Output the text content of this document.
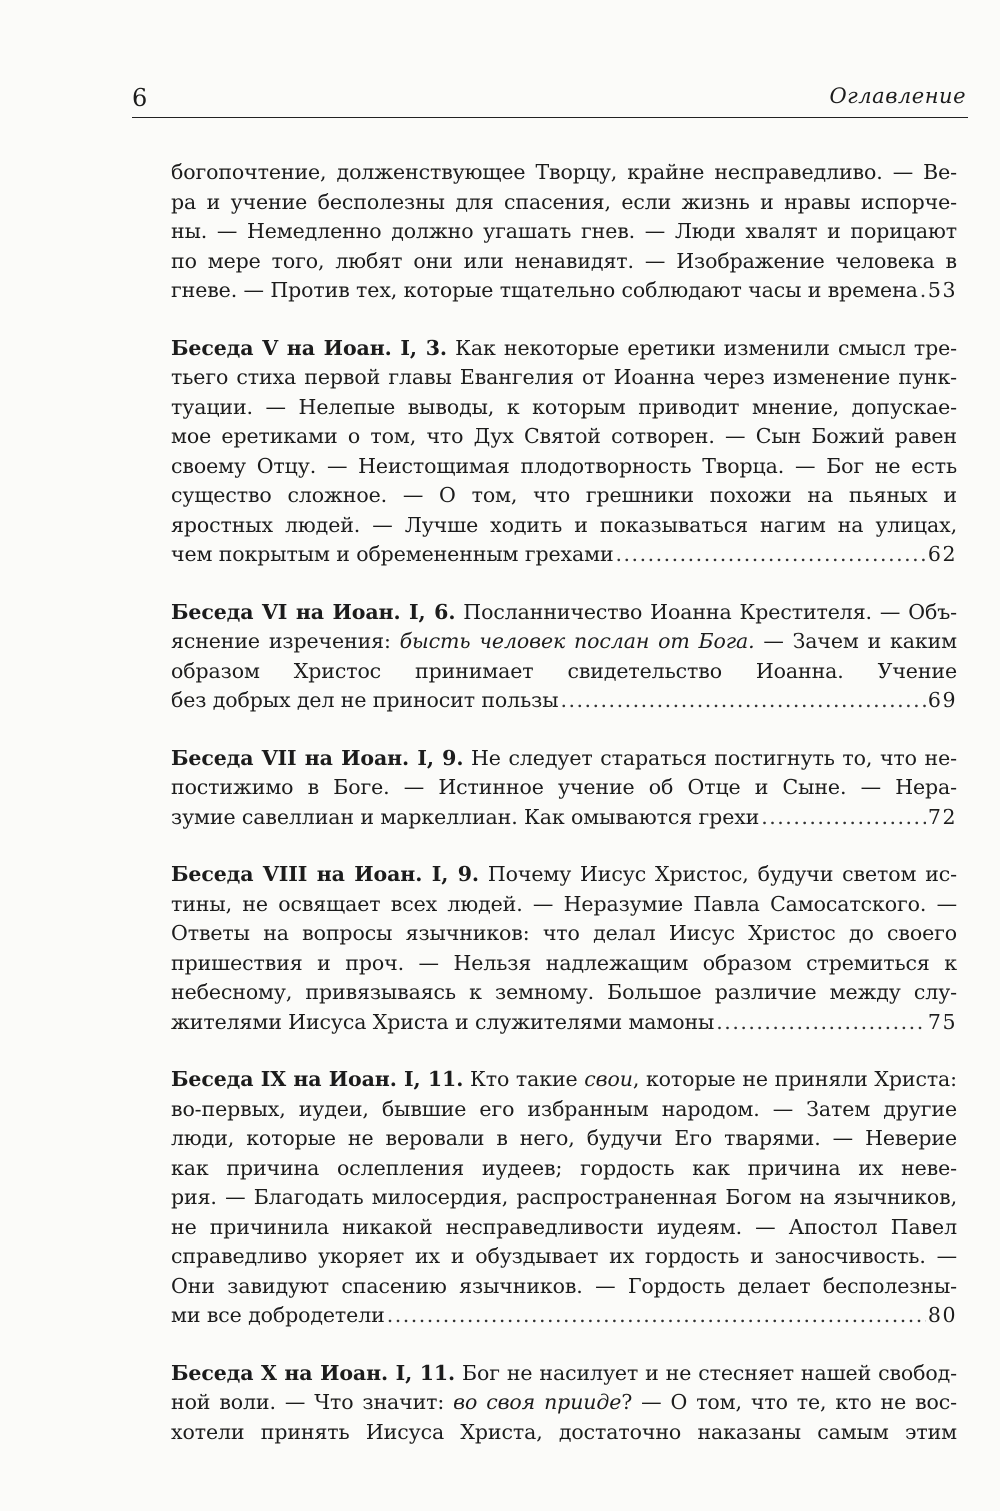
6	Оглавление
богопочтение, долженствующее Творцу, крайне несправедливо. — Ве-
ра и учение бесполезны для спасения, если жизнь и нравы испорче-
ны. — Немедленно должно угашать гнев. — Люди хвалят и порицают
по мере того, любят они или ненавидят. — Изображение человека в
гневе. — Против тех, которые тщательно соблюдают часы и времена ..... 53
Беседа V на Иоан. I, 3. Как некоторые еретики изменили смысл тре-
тьего стиха первой главы Евангелия от Иоанна через изменение пунк-
туации. — Нелепые выводы, к которым приводит мнение, допускае-
мое еретиками о том, что Дух Святой сотворен. — Сын Божий равен
своему Отцу. — Неистощимая плодотворность Творца. — Бог не есть
существо сложное. — О том, что грешники похожи на пьяных и
яростных людей. — Лучше ходить и показываться нагим на улицах,
чем покрытым и обремененным грехами .....	62
Беседа VI на Иоан. I, 6. Посланничество Иоанна Крестителя. — Объ-
яснение изречения: бысть человек послан от Бога. — Зачем и каким
образом Христос принимает свидетельство Иоанна. Учение
без добрых дел не приносит пользы .....	69
Беседа VII на Иоан. I, 9. Не следует стараться постигнуть то, что не-
постижимо в Боге. — Истинное учение об Отце и Сыне. — Нера-
зумие савеллиан и маркеллиан. Как омываются грехи .....	72
Беседа VIII на Иоан. I, 9. Почему Иисус Христос, будучи светом ис-
тины, не освящает всех людей. — Неразумие Павла Самосатского. —
Ответы на вопросы язычников: что делал Иисус Христос до своего
пришествия и проч. — Нельзя надлежащим образом стремиться к
небесному, привязываясь к земному. Большое различие между слу-
жителями Иисуса Христа и служителями мамоны .....	75
Беседа IX на Иоан. I, 11. Кто такие свои, которые не приняли Христа:
во-первых, иудеи, бывшие его избранным народом. — Затем другие
люди, которые не веровали в него, будучи Его тварями. — Неверие
как причина ослепления иудеев; гордость как причина их неве-
рия. — Благодать милосердия, распространенная Богом на язычников,
не причинила никакой несправедливости иудеям. — Апостол Павел
справедливо укоряет их и обуздывает их гордость и заносчивость. —
Они завидуют спасению язычников. — Гордость делает бесполезны-
ми все добродетели .....	80
Беседа X на Иоан. I, 11. Бог не насилует и не стесняет нашей свобод-
ной воли. — Что значит: во своя прииде? — О том, что те, кто не вос-
хотели принять Иисуса Христа, достаточно наказаны самым этим
